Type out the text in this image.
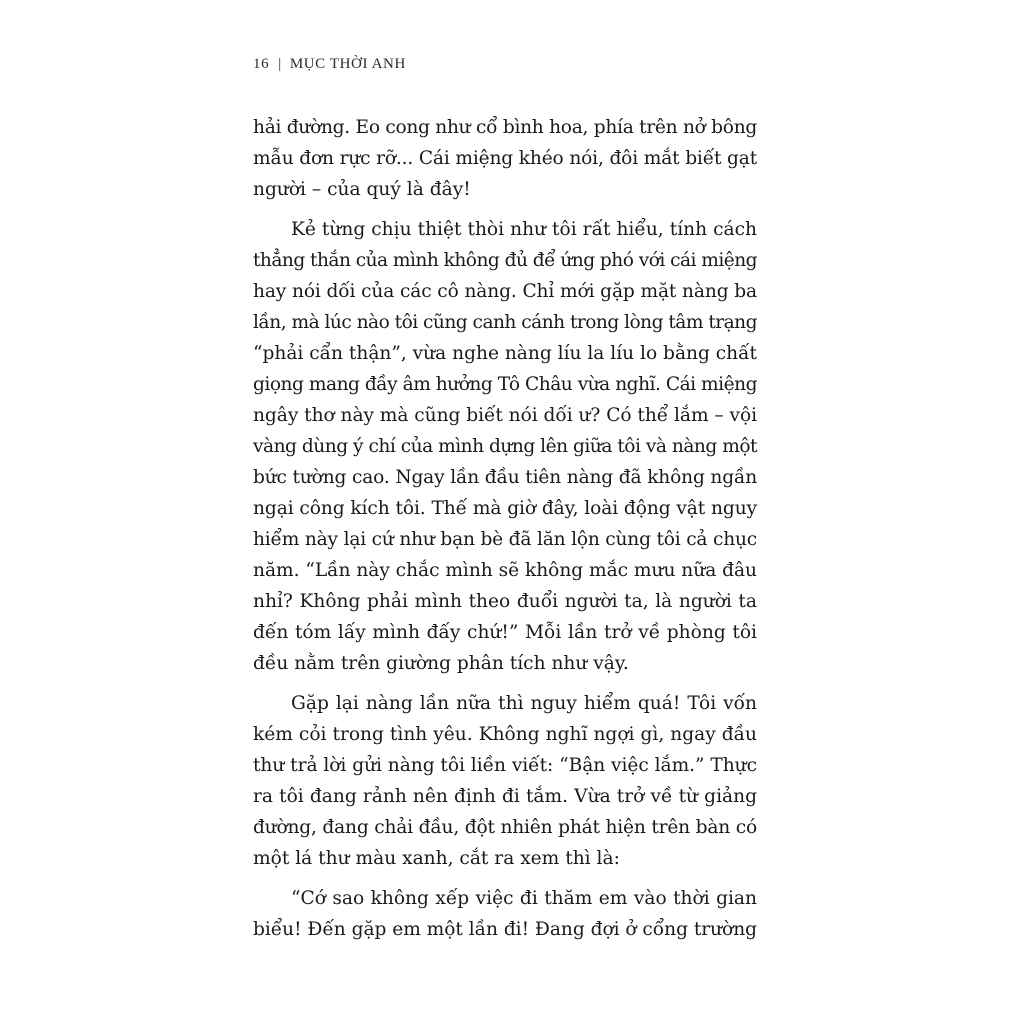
16 | MỤC THỜI ANH

hải đường. Eo cong như cổ bình hoa, phía trên nở bông
mẫu đơn rực rỡ... Cái miệng khéo nói, đôi mắt biết gạt
người – của quý là đây!

Kẻ từng chịu thiệt thòi như tôi rất hiểu, tính cách
thẳng thắn của mình không đủ để ứng phó với cái miệng
hay nói dối của các cô nàng. Chỉ mới gặp mặt nàng ba
lần, mà lúc nào tôi cũng canh cánh trong lòng tâm trạng
“phải cẩn thận”, vừa nghe nàng líu la líu lo bằng chất
giọng mang đầy âm hưởng Tô Châu vừa nghĩ. Cái miệng
ngây thơ này mà cũng biết nói dối ư? Có thể lắm – vội
vàng dùng ý chí của mình dựng lên giữa tôi và nàng một
bức tường cao. Ngay lần đầu tiên nàng đã không ngần
ngại công kích tôi. Thế mà giờ đây, loài động vật nguy
hiểm này lại cứ như bạn bè đã lăn lộn cùng tôi cả chục
năm. “Lần này chắc mình sẽ không mắc mưu nữa đâu
nhỉ? Không phải mình theo đuổi người ta, là người ta
đến tóm lấy mình đấy chứ!” Mỗi lần trở về phòng tôi
đều nằm trên giường phân tích như vậy.

Gặp lại nàng lần nữa thì nguy hiểm quá! Tôi vốn
kém cỏi trong tình yêu. Không nghĩ ngợi gì, ngay đầu
thư trả lời gửi nàng tôi liền viết: “Bận việc lắm.” Thực
ra tôi đang rảnh nên định đi tắm. Vừa trở về từ giảng
đường, đang chải đầu, đột nhiên phát hiện trên bàn có
một lá thư màu xanh, cắt ra xem thì là:

“Cớ sao không xếp việc đi thăm em vào thời gian
biểu! Đến gặp em một lần đi! Đang đợi ở cổng trường
